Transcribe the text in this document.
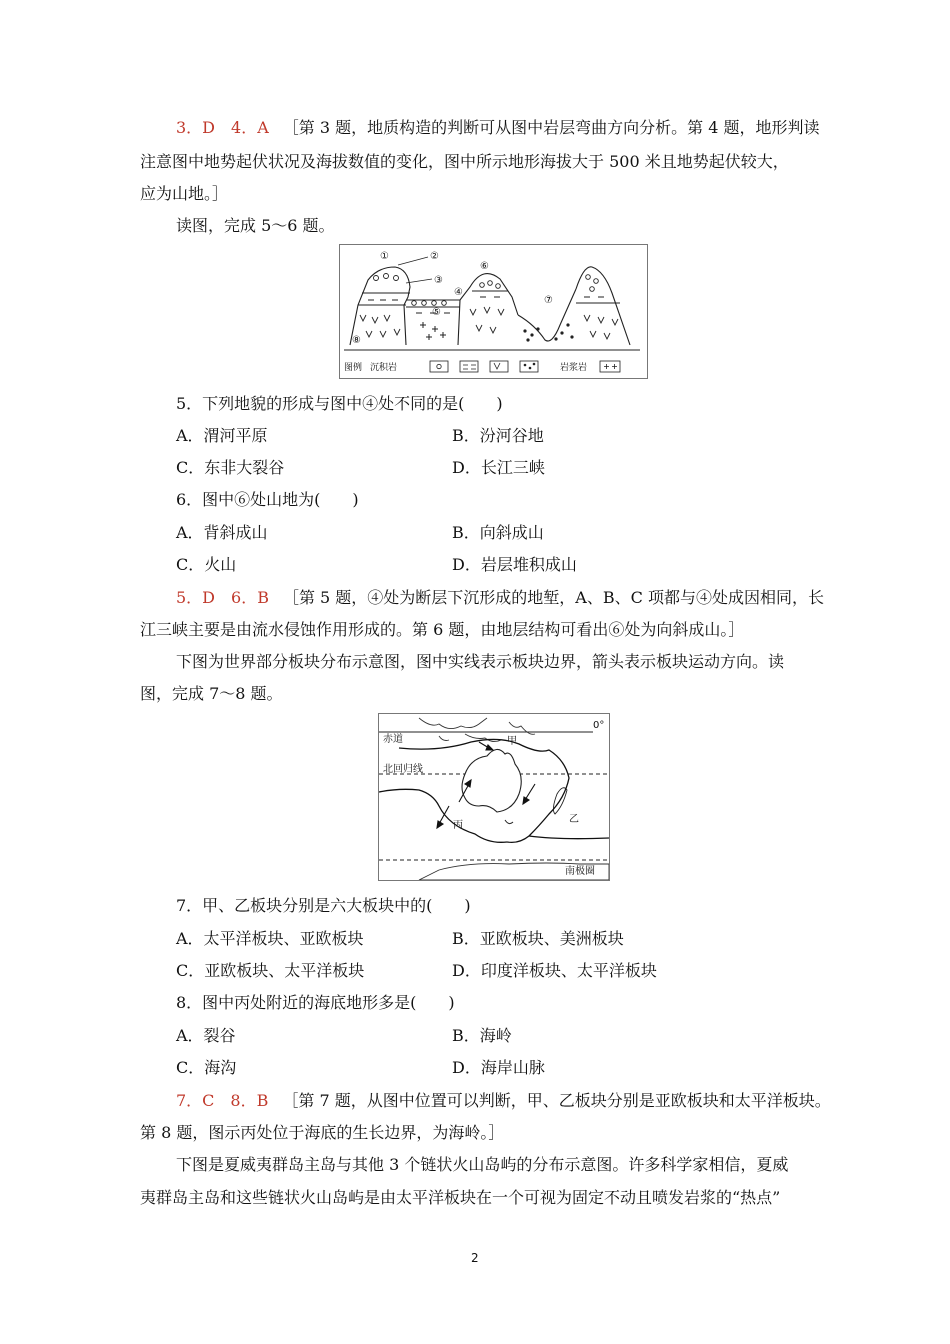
3．D　4．A ［第 3 题，地质构造的判断可从图中岩层弯曲方向分析。第 4 题，地形判读
注意图中地势起伏状况及海拔数值的变化，图中所示地形海拔大于 500 米且地势起伏较大，
应为山地。］
读图，完成 5～6 题。
①	②
③
④
⑤
⑥
⑦
⑧
图例 沉积岩	岩浆岩
5．下列地貌的形成与图中④处不同的是(　　)
A．渭河平原	B．汾河谷地
C．东非大裂谷	D．长江三峡
6．图中⑥处山地为(　　)
A．背斜成山	B．向斜成山
C．火山	D．岩层堆积成山
5．D　6．B ［第 5 题，④处为断层下沉形成的地堑，A、B、C 项都与④处成因相同，长
江三峡主要是由流水侵蚀作用形成的。第 6 题，由地层结构可看出⑥处为向斜成山。］
下图为世界部分板块分布示意图，图中实线表示板块边界，箭头表示板块运动方向。读
图，完成 7～8 题。
赤道
北回归线
0°
甲
乙
丙
南极圈
7．甲、乙板块分别是六大板块中的(　　)
A．太平洋板块、亚欧板块	B．亚欧板块、美洲板块
C．亚欧板块、太平洋板块	D．印度洋板块、太平洋板块
8．图中丙处附近的海底地形多是(　　)
A．裂谷	B．海岭
C．海沟	D．海岸山脉
7．C　8．B ［第 7 题，从图中位置可以判断，甲、乙板块分别是亚欧板块和太平洋板块。
第 8 题，图示丙处位于海底的生长边界，为海岭。］
下图是夏威夷群岛主岛与其他 3 个链状火山岛屿的分布示意图。许多科学家相信，夏威
夷群岛主岛和这些链状火山岛屿是由太平洋板块在一个可视为固定不动且喷发岩浆的“热点”
2
